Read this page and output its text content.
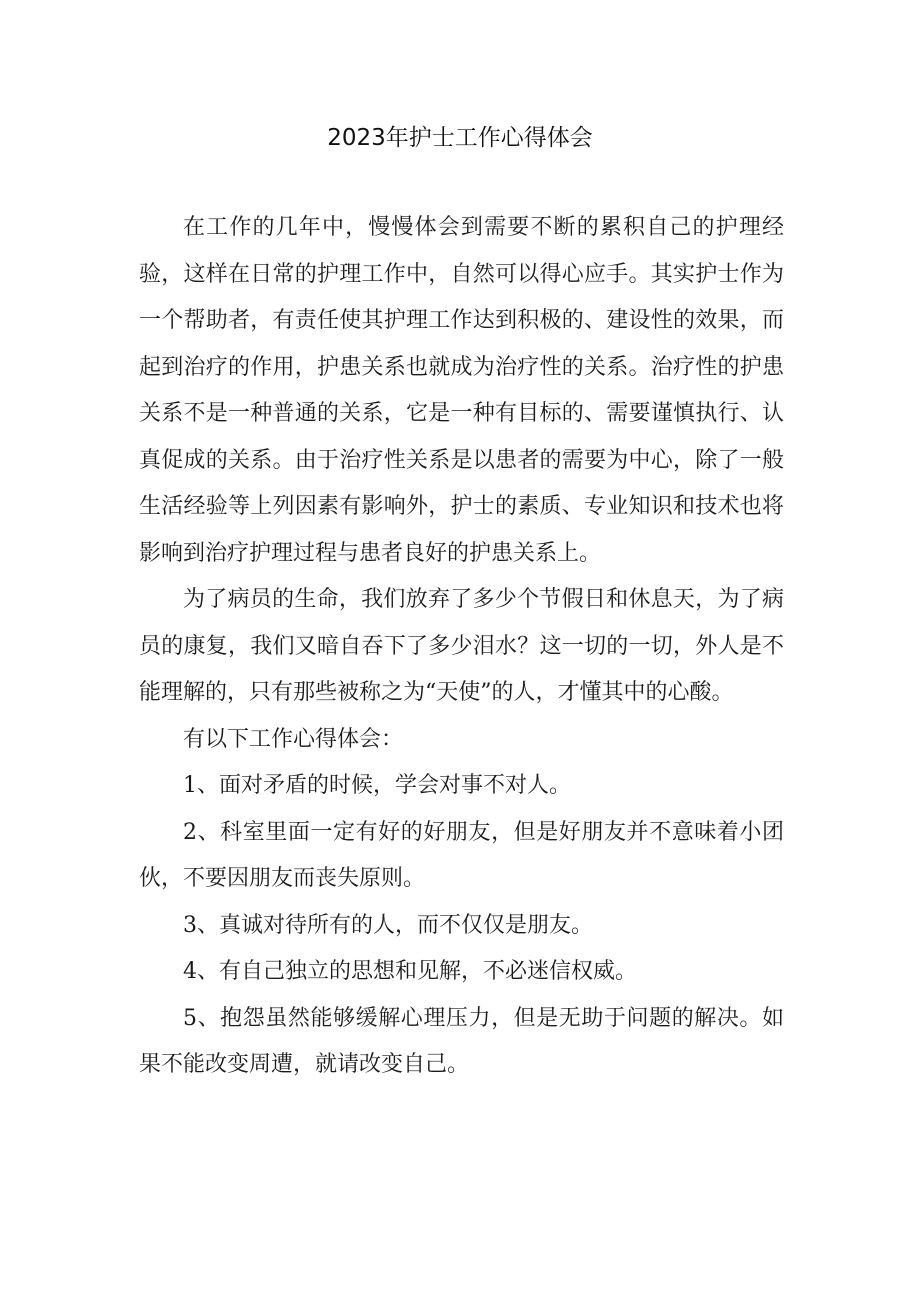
2023年护士工作心得体会

在工作的几年中，慢慢体会到需要不断的累积自己的护理经验，这样在日常的护理工作中，自然可以得心应手。其实护士作为一个帮助者，有责任使其护理工作达到积极的、建设性的效果，而起到治疗的作用，护患关系也就成为治疗性的关系。治疗性的护患关系不是一种普通的关系，它是一种有目标的、需要谨慎执行、认真促成的关系。由于治疗性关系是以患者的需要为中心，除了一般生活经验等上列因素有影响外，护士的素质、专业知识和技术也将影响到治疗护理过程与患者良好的护患关系上。

为了病员的生命，我们放弃了多少个节假日和休息天，为了病员的康复，我们又暗自吞下了多少泪水？这一切的一切，外人是不能理解的，只有那些被称之为“天使”的人，才懂其中的心酸。

有以下工作心得体会：

1、面对矛盾的时候，学会对事不对人。

2、科室里面一定有好的好朋友，但是好朋友并不意味着小团伙，不要因朋友而丧失原则。

3、真诚对待所有的人，而不仅仅是朋友。

4、有自己独立的思想和见解，不必迷信权威。

5、抱怨虽然能够缓解心理压力，但是无助于问题的解决。如果不能改变周遭，就请改变自己。
